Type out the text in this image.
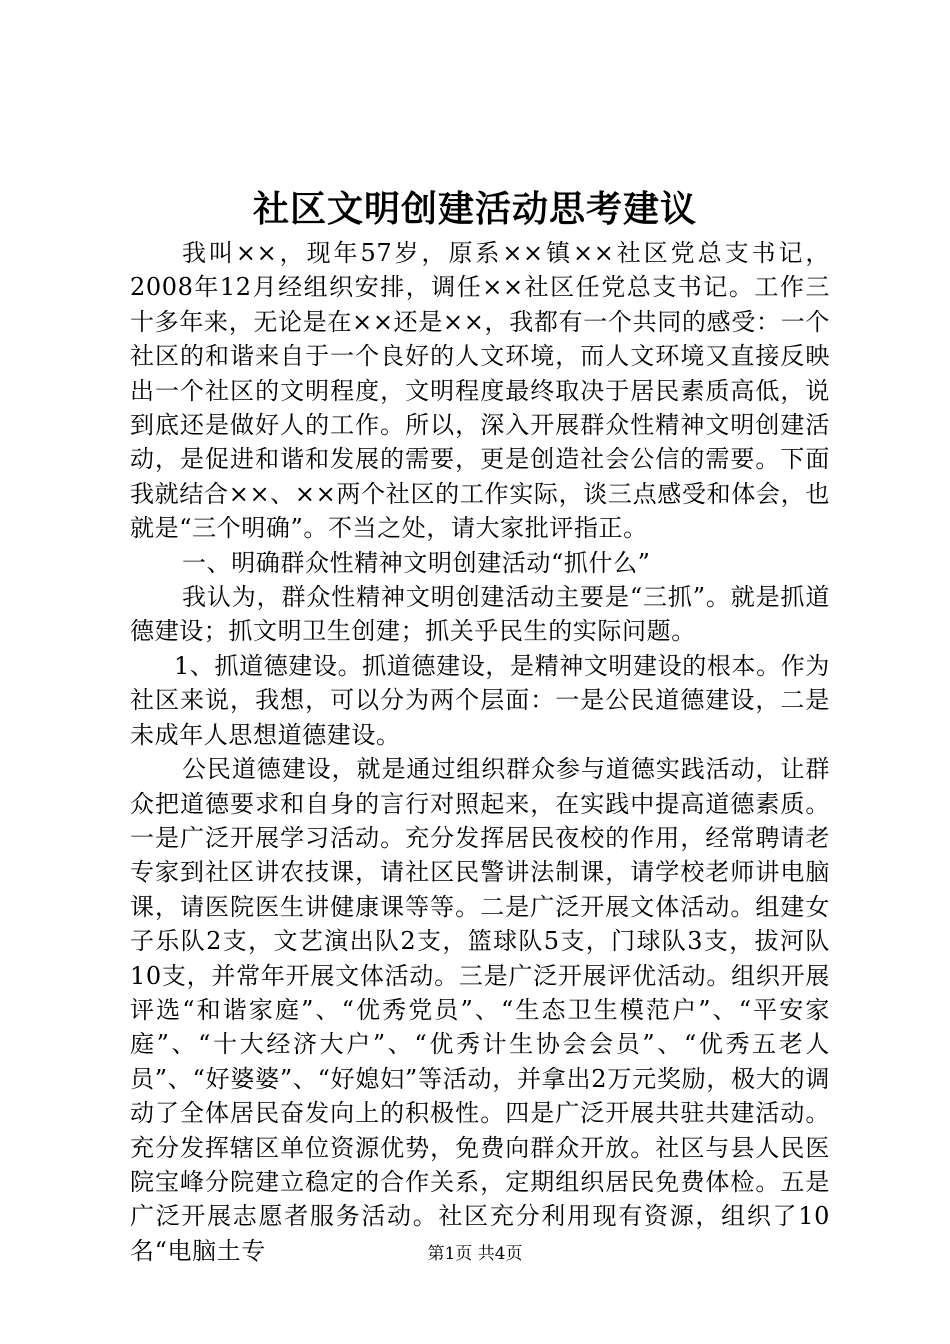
社区文明创建活动思考建议

我叫××，现年57岁，原系××镇××社区党总支书记，2008年12月经组织安排，调任××社区任党总支书记。工作三十多年来，无论是在××还是××，我都有一个共同的感受：一个社区的和谐来自于一个良好的人文环境，而人文环境又直接反映出一个社区的文明程度，文明程度最终取决于居民素质高低，说到底还是做好人的工作。所以，深入开展群众性精神文明创建活动，是促进和谐和发展的需要，更是创造社会公信的需要。下面我就结合××、××两个社区的工作实际，谈三点感受和体会，也就是“三个明确”。不当之处，请大家批评指正。

一、明确群众性精神文明创建活动“抓什么”

我认为，群众性精神文明创建活动主要是“三抓”。就是抓道德建设；抓文明卫生创建；抓关乎民生的实际问题。

1、抓道德建设。抓道德建设，是精神文明建设的根本。作为社区来说，我想，可以分为两个层面：一是公民道德建设，二是未成年人思想道德建设。

公民道德建设，就是通过组织群众参与道德实践活动，让群众把道德要求和自身的言行对照起来，在实践中提高道德素质。一是广泛开展学习活动。充分发挥居民夜校的作用，经常聘请老专家到社区讲农技课，请社区民警讲法制课，请学校老师讲电脑课，请医院医生讲健康课等等。二是广泛开展文体活动。组建女子乐队2支，文艺演出队2支，篮球队5支，门球队3支，拔河队10支，并常年开展文体活动。三是广泛开展评优活动。组织开展评选“和谐家庭”、“优秀党员”、“生态卫生模范户”、“平安家庭”、“十大经济大户”、“优秀计生协会会员”、“优秀五老人员”、“好婆婆”、“好媳妇”等活动，并拿出2万元奖励，极大的调动了全体居民奋发向上的积极性。四是广泛开展共驻共建活动。充分发挥辖区单位资源优势，免费向群众开放。社区与县人民医院宝峰分院建立稳定的合作关系，定期组织居民免费体检。五是广泛开展志愿者服务活动。社区充分利用现有资源，组织了10名“电脑土专	第1页 共4页
